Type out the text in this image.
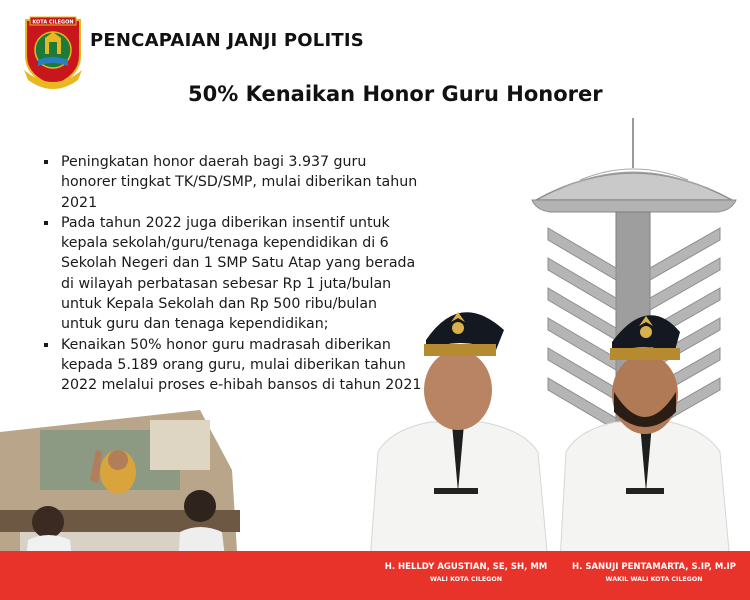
KOTA CILEGON
PENCAPAIAN JANJI POLITIS
50% Kenaikan Honor Guru Honorer
Peningkatan honor daerah bagi 3.937 guru
honorer tingkat TK/SD/SMP, mulai diberikan tahun
2021
Pada tahun 2022 juga diberikan insentif untuk
kepala sekolah/guru/tenaga kependidikan di 6
Sekolah Negeri dan 1 SMP Satu Atap yang berada
di wilayah perbatasan sebesar Rp 1 juta/bulan
untuk Kepala Sekolah dan Rp 500 ribu/bulan
untuk guru dan tenaga kependidikan;
Kenaikan 50% honor guru madrasah diberikan
kepada 5.189 orang guru, mulai diberikan tahun
2022 melalui proses e-hibah bansos di tahun 2021
H. HELLDY AGUSTIAN, SE, SH, MM
WALI KOTA CILEGON
H. SANUJI PENTAMARTA, S.IP, M.IP
WAKIL WALI KOTA CILEGON
